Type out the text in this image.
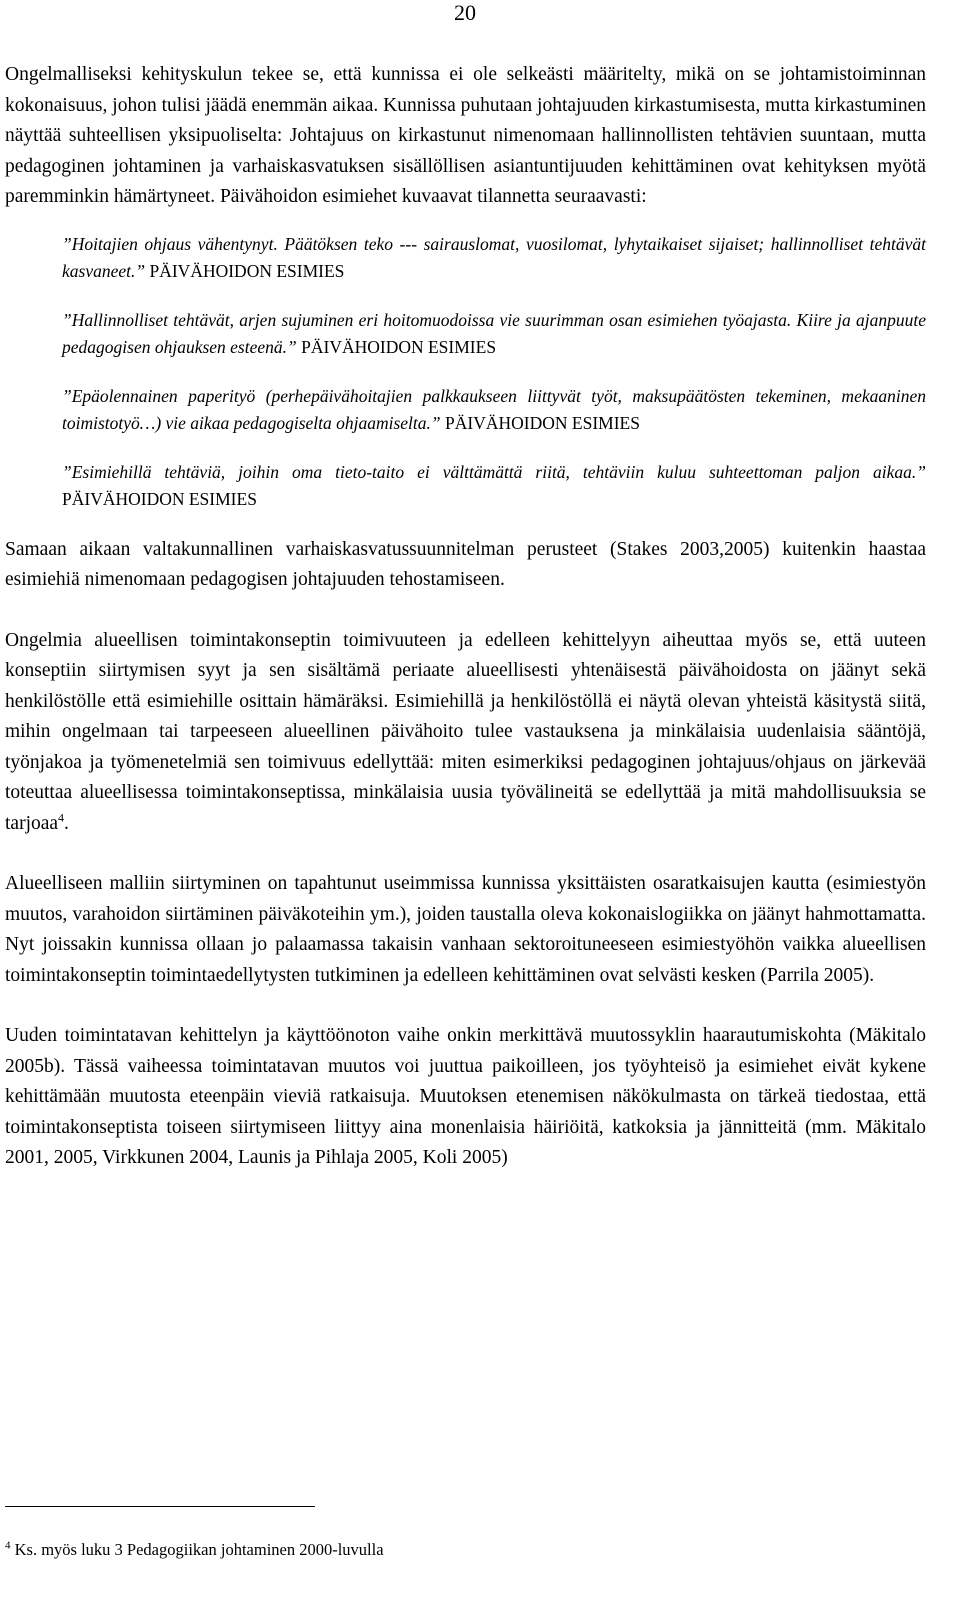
20

Ongelmalliseksi kehityskulun tekee se, että kunnissa ei ole selkeästi määritelty, mikä on se johtamistoiminnan kokonaisuus, johon tulisi jäädä enemmän aikaa. Kunnissa puhutaan johtajuuden kirkastumisesta, mutta kirkastuminen näyttää suhteellisen yksipuoliselta: Johtajuus on kirkastunut nimenomaan hallinnollisten tehtävien suuntaan, mutta pedagoginen johtaminen ja varhaiskasvatuksen sisällöllisen asiantuntijuuden kehittäminen ovat kehityksen myötä paremminkin hämärtyneet. Päivähoidon esimiehet kuvaavat tilannetta seuraavasti:

”Hoitajien ohjaus vähentynyt. Päätöksen teko --- sairauslomat, vuosilomat, lyhytaikaiset sijaiset; hallinnolliset tehtävät kasvaneet.” PÄIVÄHOIDON ESIMIES

”Hallinnolliset tehtävät, arjen sujuminen eri hoitomuodoissa vie suurimman osan esimiehen työajasta. Kiire ja ajanpuute pedagogisen ohjauksen esteenä.” PÄIVÄHOIDON ESIMIES

”Epäolennainen paperityö (perhepäivähoitajien palkkaukseen liittyvät työt, maksupäätösten tekeminen, mekaaninen toimistotyö…) vie aikaa pedagogiselta ohjaamiselta.” PÄIVÄHOIDON ESIMIES

”Esimiehillä tehtäviä, joihin oma tieto-taito ei välttämättä riitä, tehtäviin kuluu suhteettoman paljon aikaa.” PÄIVÄHOIDON ESIMIES

Samaan aikaan valtakunnallinen varhaiskasvatussuunnitelman perusteet (Stakes 2003,2005) kuitenkin haastaa esimiehiä nimenomaan pedagogisen johtajuuden tehostamiseen.

Ongelmia alueellisen toimintakonseptin toimivuuteen ja edelleen kehittelyyn aiheuttaa myös se, että uuteen konseptiin siirtymisen syyt ja sen sisältämä periaate alueellisesti yhtenäisestä päivähoidosta on jäänyt sekä henkilöstölle että esimiehille osittain hämäräksi. Esimiehillä ja henkilöstöllä ei näytä olevan yhteistä käsitystä siitä, mihin ongelmaan tai tarpeeseen alueellinen päivähoito tulee vastauksena ja minkälaisia uudenlaisia sääntöjä, työnjakoa ja työmenetelmiä sen toimivuus edellyttää: miten esimerkiksi pedagoginen johtajuus/ohjaus on järkevää toteuttaa alueellisessa toimintakonseptissa, minkälaisia uusia työvälineitä se edellyttää ja mitä mahdollisuuksia se tarjoaa$^4$.

Alueelliseen malliin siirtyminen on tapahtunut useimmissa kunnissa yksittäisten osaratkaisujen kautta (esimiestyön muutos, varahoidon siirtäminen päiväkoteihin ym.), joiden taustalla oleva kokonaislogiikka on jäänyt hahmottamatta. Nyt joissakin kunnissa ollaan jo palaamassa takaisin vanhaan sektoroituneeseen esimiestyöhön vaikka alueellisen toimintakonseptin toimintaedellytysten tutkiminen ja edelleen kehittäminen ovat selvästi kesken (Parrila 2005).

Uuden toimintatavan kehittelyn ja käyttöönoton vaihe onkin merkittävä muutossyklin haarautumiskohta (Mäkitalo 2005b). Tässä vaiheessa toimintatavan muutos voi juuttua paikoilleen, jos työyhteisö ja esimiehet eivät kykene kehittämään muutosta eteenpäin vieviä ratkaisuja. Muutoksen etenemisen näkökulmasta on tärkeä tiedostaa, että toimintakonseptista toiseen siirtymiseen liittyy aina monenlaisia häiriöitä, katkoksia ja jännitteitä (mm. Mäkitalo 2001, 2005, Virkkunen 2004, Launis ja Pihlaja 2005, Koli 2005)

$^4$ Ks. myös luku 3 Pedagogiikan johtaminen 2000-luvulla
